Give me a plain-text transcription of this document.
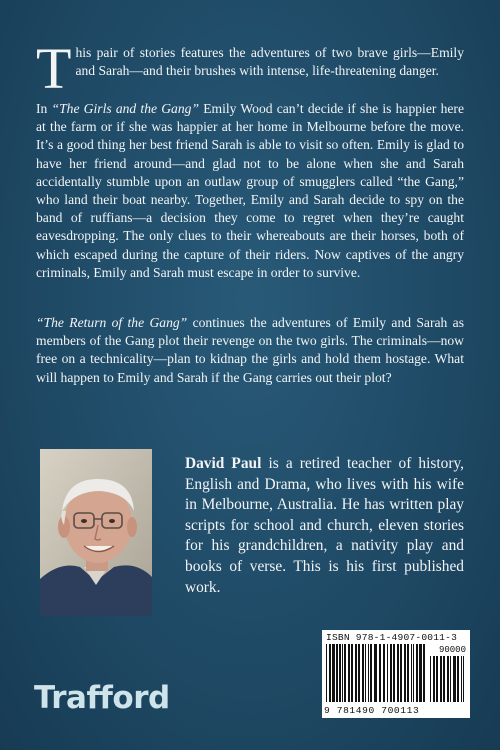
This pair of stories features the adventures of two brave girls—Emily and Sarah—and their brushes with intense, life-threatening danger.

In “The Girls and the Gang” Emily Wood can’t decide if she is happier here at the farm or if she was happier at her home in Melbourne before the move. It’s a good thing her best friend Sarah is able to visit so often. Emily is glad to have her friend around—and glad not to be alone when she and Sarah accidentally stumble upon an outlaw group of smugglers called “the Gang,” who land their boat nearby. Together, Emily and Sarah decide to spy on the band of ruffians—a decision they come to regret when they’re caught eavesdropping. The only clues to their whereabouts are their horses, both of which escaped during the capture of their riders. Now captives of the angry criminals, Emily and Sarah must escape in order to survive.

“The Return of the Gang” continues the adventures of Emily and Sarah as members of the Gang plot their revenge on the two girls. The criminals—now free on a technicality—plan to kidnap the girls and hold them hostage. What will happen to Emily and Sarah if the Gang carries out their plot?

David Paul is a retired teacher of history, English and Drama, who lives with his wife in Melbourne, Australia. He has written play scripts for school and church, eleven stories for his grandchildren, a nativity play and books of verse. This is his first published work.

ISBN 978-1-4907-0011-3
90000
9 781490 700113
Trafford
